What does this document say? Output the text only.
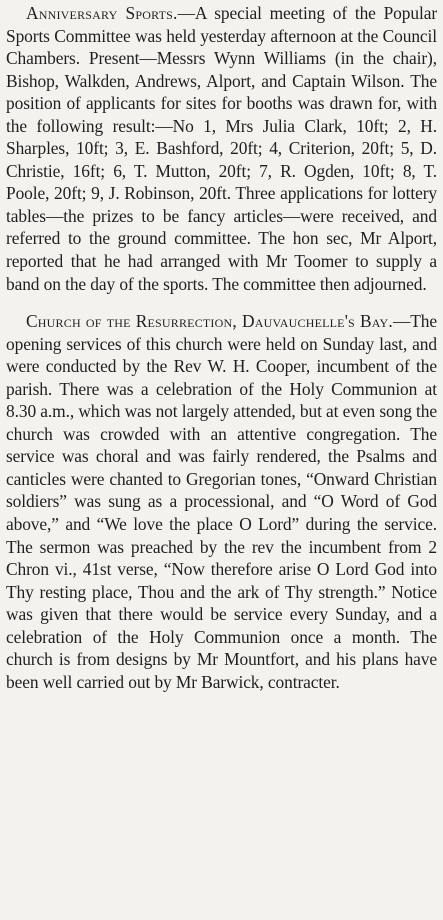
Anniversary Sports.—A special meeting of the Popular Sports Committee was held yesterday afternoon at the Council Chambers. Present—Messrs Wynn Williams (in the chair), Bishop, Walkden, Andrews, Alport, and Captain Wilson. The position of applicants for sites for booths was drawn for, with the following result:—No 1, Mrs Julia Clark, 10ft; 2, H. Sharples, 10ft; 3, E. Bashford, 20ft; 4, Criterion, 20ft; 5, D. Christie, 16ft; 6, T. Mutton, 20ft; 7, R. Ogden, 10ft; 8, T. Poole, 20ft; 9, J. Robinson, 20ft. Three applications for lottery tables—the prizes to be fancy articles—were received, and referred to the ground committee. The hon sec, Mr Alport, reported that he had arranged with Mr Toomer to supply a band on the day of the sports. The committee then adjourned.

Church of the Resurrection, Dauvauchelle's Bay.—The opening services of this church were held on Sunday last, and were conducted by the Rev W. H. Cooper, incumbent of the parish. There was a celebration of the Holy Communion at 8.30 a.m., which was not largely attended, but at even song the church was crowded with an attentive congregation. The service was choral and was fairly rendered, the Psalms and canticles were chanted to Gregorian tones, “Onward Christian soldiers” was sung as a processional, and “O Word of God above,” and “We love the place O Lord” during the service. The sermon was preached by the rev the incumbent from 2 Chron vi., 41st verse, “Now therefore arise O Lord God into Thy resting place, Thou and the ark of Thy strength.” Notice was given that there would be service every Sunday, and a celebration of the Holy Communion once a month. The church is from designs by Mr Mountfort, and his plans have been well carried out by Mr Barwick, contracter.
